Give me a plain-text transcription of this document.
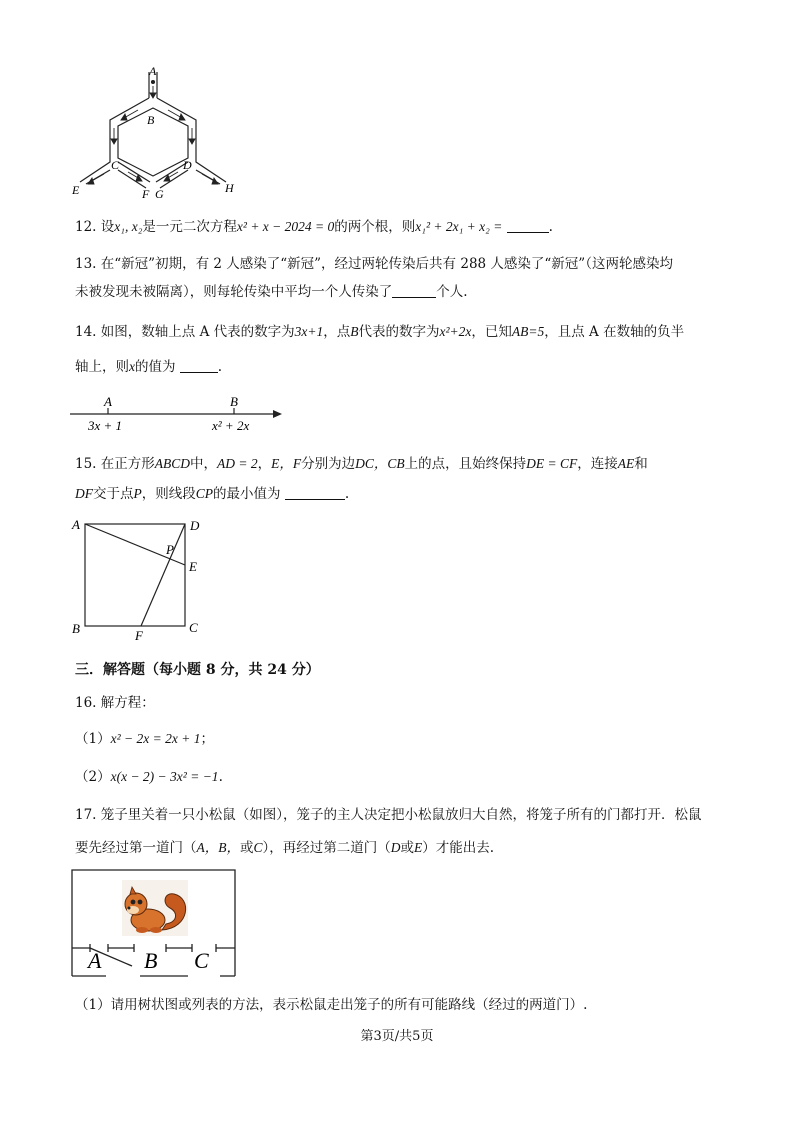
A
B
C	D
E	F G	H
12. 设x₁, x₂是一元二次方程x² + x − 2024 = 0的两个根，则x₁² + 2x₁ + x₂ =	.
13. 在“新冠”初期，有 2 人感染了“新冠”，经过两轮传染后共有 288 人感染了“新冠”（这两轮感染均
未被发现未被隔离），则每轮传染中平均一个人传染了	个人.
14. 如图，数轴上点 A 代表的数字为3x+1，点B代表的数字为x²+2x，已知AB=5，且点 A 在数轴的负半
轴上，则x的值为	.
A	B
3x + 1	x² + 2x
15. 在正方形ABCD中，AD = 2，E，F分别为边DC，CB上的点，且始终保持DE = CF，连接AE和
DF交于点P，则线段CP的最小值为	.
A	D
P
E
B	C
F
三．解答题（每小题 8 分，共 24 分）
16. 解方程：
（1）x² − 2x = 2x + 1；
（2）x(x − 2) − 3x² = −1.
17. 笼子里关着一只小松鼠（如图），笼子的主人决定把小松鼠放归大自然，将笼子所有的门都打开．松鼠
要先经过第一道门（A，B，或C），再经过第二道门（D或E）才能出去.
A B C
（1）请用树状图或列表的方法，表示松鼠走出笼子的所有可能路线（经过的两道门）.
第3页/共5页
